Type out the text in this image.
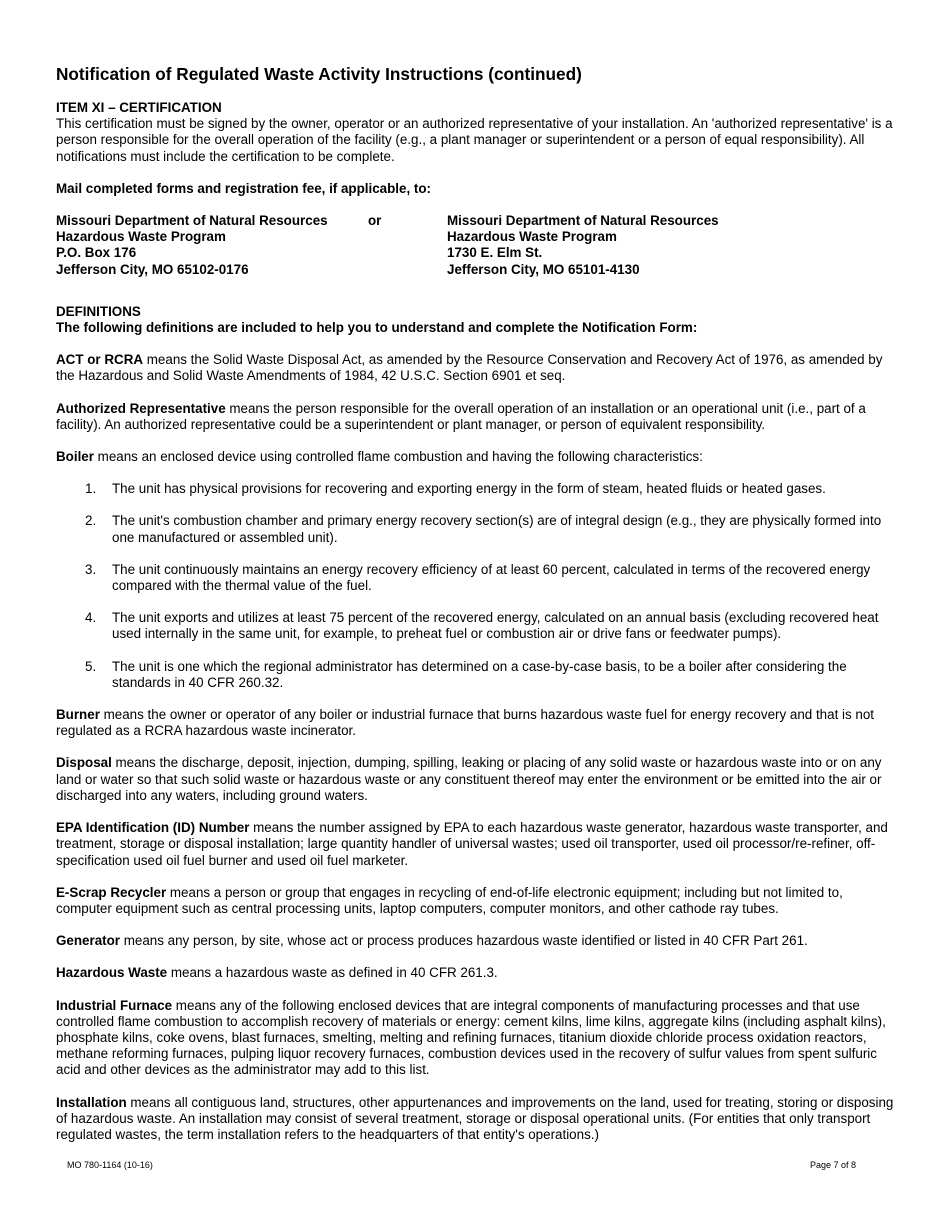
Notification of Regulated Waste Activity Instructions (continued)

ITEM XI – CERTIFICATION

This certification must be signed by the owner, operator or an authorized representative of your installation. An 'authorized representative' is a person responsible for the overall operation of the facility (e.g., a plant manager or superintendent or a person of equal responsibility). All notifications must include the certification to be complete.

Mail completed forms and registration fee, if applicable, to:

Missouri Department of Natural Resources
Hazardous Waste Program
P.O. Box 176
Jefferson City, MO 65102-0176
or	Missouri Department of Natural Resources
Hazardous Waste Program
1730 E. Elm St.
Jefferson City, MO 65101-4130

DEFINITIONS

The following definitions are included to help you to understand and complete the Notification Form:

ACT or RCRA means the Solid Waste Disposal Act, as amended by the Resource Conservation and Recovery Act of 1976, as amended by the Hazardous and Solid Waste Amendments of 1984, 42 U.S.C. Section 6901 et seq.

Authorized Representative means the person responsible for the overall operation of an installation or an operational unit (i.e., part of a facility). An authorized representative could be a superintendent or plant manager, or person of equivalent responsibility.

Boiler means an enclosed device using controlled flame combustion and having the following characteristics:

1.	The unit has physical provisions for recovering and exporting energy in the form of steam, heated fluids or heated gases.
2.	The unit's combustion chamber and primary energy recovery section(s) are of integral design (e.g., they are physically formed into one manufactured or assembled unit).
3.	The unit continuously maintains an energy recovery efficiency of at least 60 percent, calculated in terms of the recovered energy compared with the thermal value of the fuel.
4.	The unit exports and utilizes at least 75 percent of the recovered energy, calculated on an annual basis (excluding recovered heat used internally in the same unit, for example, to preheat fuel or combustion air or drive fans or feedwater pumps).
5.	The unit is one which the regional administrator has determined on a case-by-case basis, to be a boiler after considering the standards in 40 CFR 260.32.

Burner means the owner or operator of any boiler or industrial furnace that burns hazardous waste fuel for energy recovery and that is not regulated as a RCRA hazardous waste incinerator.

Disposal means the discharge, deposit, injection, dumping, spilling, leaking or placing of any solid waste or hazardous waste into or on any land or water so that such solid waste or hazardous waste or any constituent thereof may enter the environment or be emitted into the air or discharged into any waters, including ground waters.

EPA Identification (ID) Number means the number assigned by EPA to each hazardous waste generator, hazardous waste transporter, and treatment, storage or disposal installation; large quantity handler of universal wastes; used oil transporter, used oil processor/re-refiner, off-specification used oil fuel burner and used oil fuel marketer.

E-Scrap Recycler means a person or group that engages in recycling of end-of-life electronic equipment; including but not limited to, computer equipment such as central processing units, laptop computers, computer monitors, and other cathode ray tubes.

Generator means any person, by site, whose act or process produces hazardous waste identified or listed in 40 CFR Part 261.

Hazardous Waste means a hazardous waste as defined in 40 CFR 261.3.

Industrial Furnace means any of the following enclosed devices that are integral components of manufacturing processes and that use controlled flame combustion to accomplish recovery of materials or energy: cement kilns, lime kilns, aggregate kilns (including asphalt kilns), phosphate kilns, coke ovens, blast furnaces, smelting, melting and refining furnaces, titanium dioxide chloride process oxidation reactors, methane reforming furnaces, pulping liquor recovery furnaces, combustion devices used in the recovery of sulfur values from spent sulfuric acid and other devices as the administrator may add to this list.

Installation means all contiguous land, structures, other appurtenances and improvements on the land, used for treating, storing or disposing of hazardous waste. An installation may consist of several treatment, storage or disposal operational units. (For entities that only transport regulated wastes, the term installation refers to the headquarters of that entity's operations.)

MO 780-1164 (10-16)	Page 7 of 8
